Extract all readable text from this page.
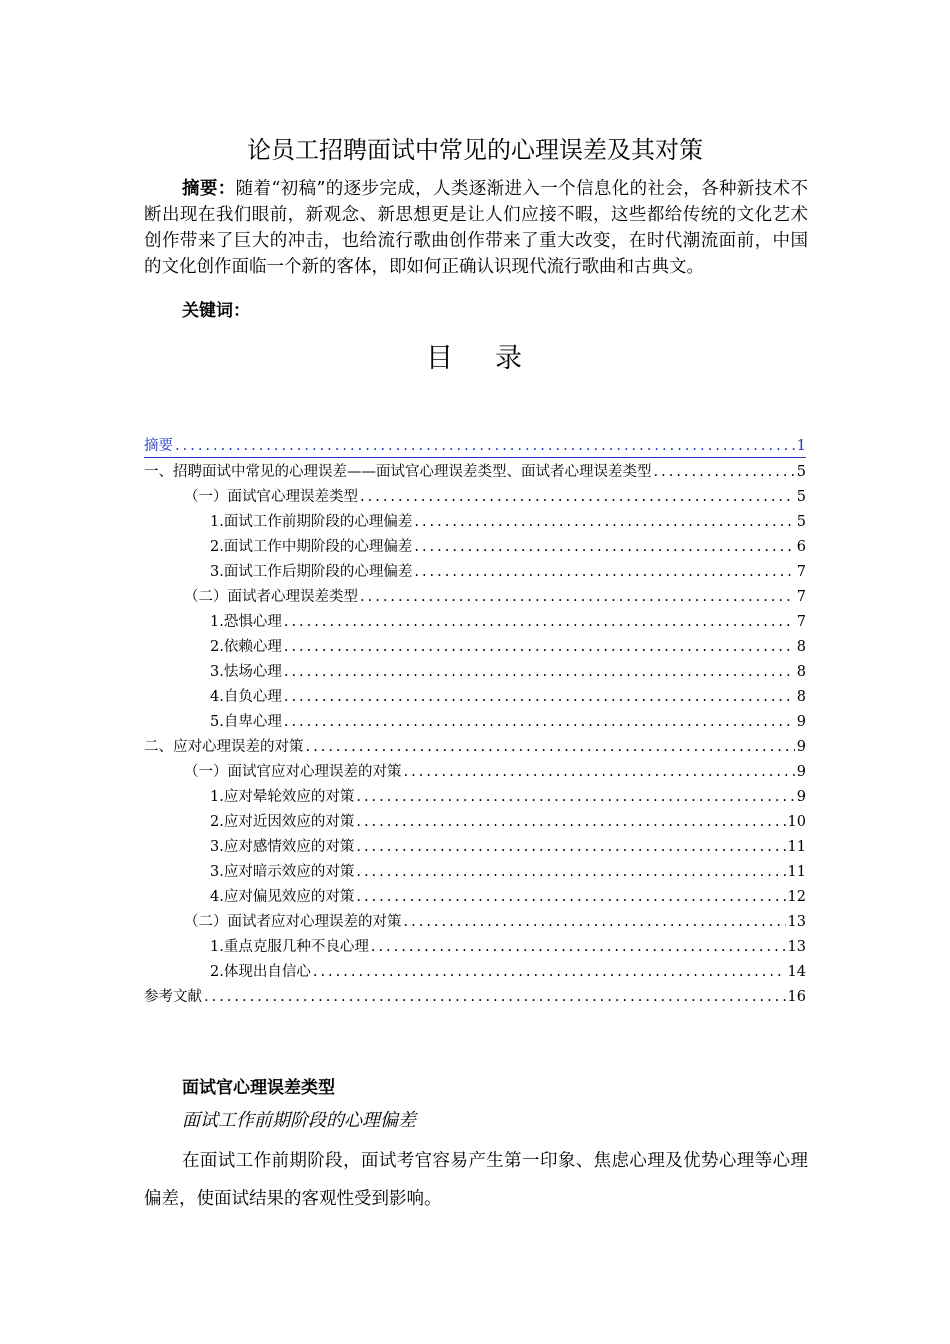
论员工招聘面试中常见的心理误差及其对策

摘要：随着“初稿”的逐步完成，人类逐渐进入一个信息化的社会，各种新技术不断出现在我们眼前，新观念、新思想更是让人们应接不暇，这些都给传统的文化艺术创作带来了巨大的冲击，也给流行歌曲创作带来了重大改变，在时代潮流面前，中国的文化创作面临一个新的客体，即如何正确认识现代流行歌曲和古典文。

关键词：
目 录
摘要 .....	1
一、招聘面试中常见的心理误差——面试官心理误差类型、面试者心理误差类型 .....	5
（一）面试官心理误差类型 .....	5
1.面试工作前期阶段的心理偏差 .....	5
2.面试工作中期阶段的心理偏差 .....	6
3.面试工作后期阶段的心理偏差 .....	7
（二）面试者心理误差类型 .....	7
1.恐惧心理 .....	7
2.依赖心理 .....	8
3.怯场心理 .....	8
4.自负心理 .....	8
5.自卑心理 .....	9
二、应对心理误差的对策 .....	9
（一）面试官应对心理误差的对策 .....	9
1.应对晕轮效应的对策 .....	9
2.应对近因效应的对策 .....	10
3.应对感情效应的对策 .....	11
3.应对暗示效应的对策 .....	11
4.应对偏见效应的对策 .....	12
（二）面试者应对心理误差的对策 .....	13
1.重点克服几种不良心理 .....	13
2.体现出自信心 .....	14
参考文献 .....	16
面试官心理误差类型
面试工作前期阶段的心理偏差

在面试工作前期阶段，面试考官容易产生第一印象、焦虑心理及优势心理等心理偏差，使面试结果的客观性受到影响。
